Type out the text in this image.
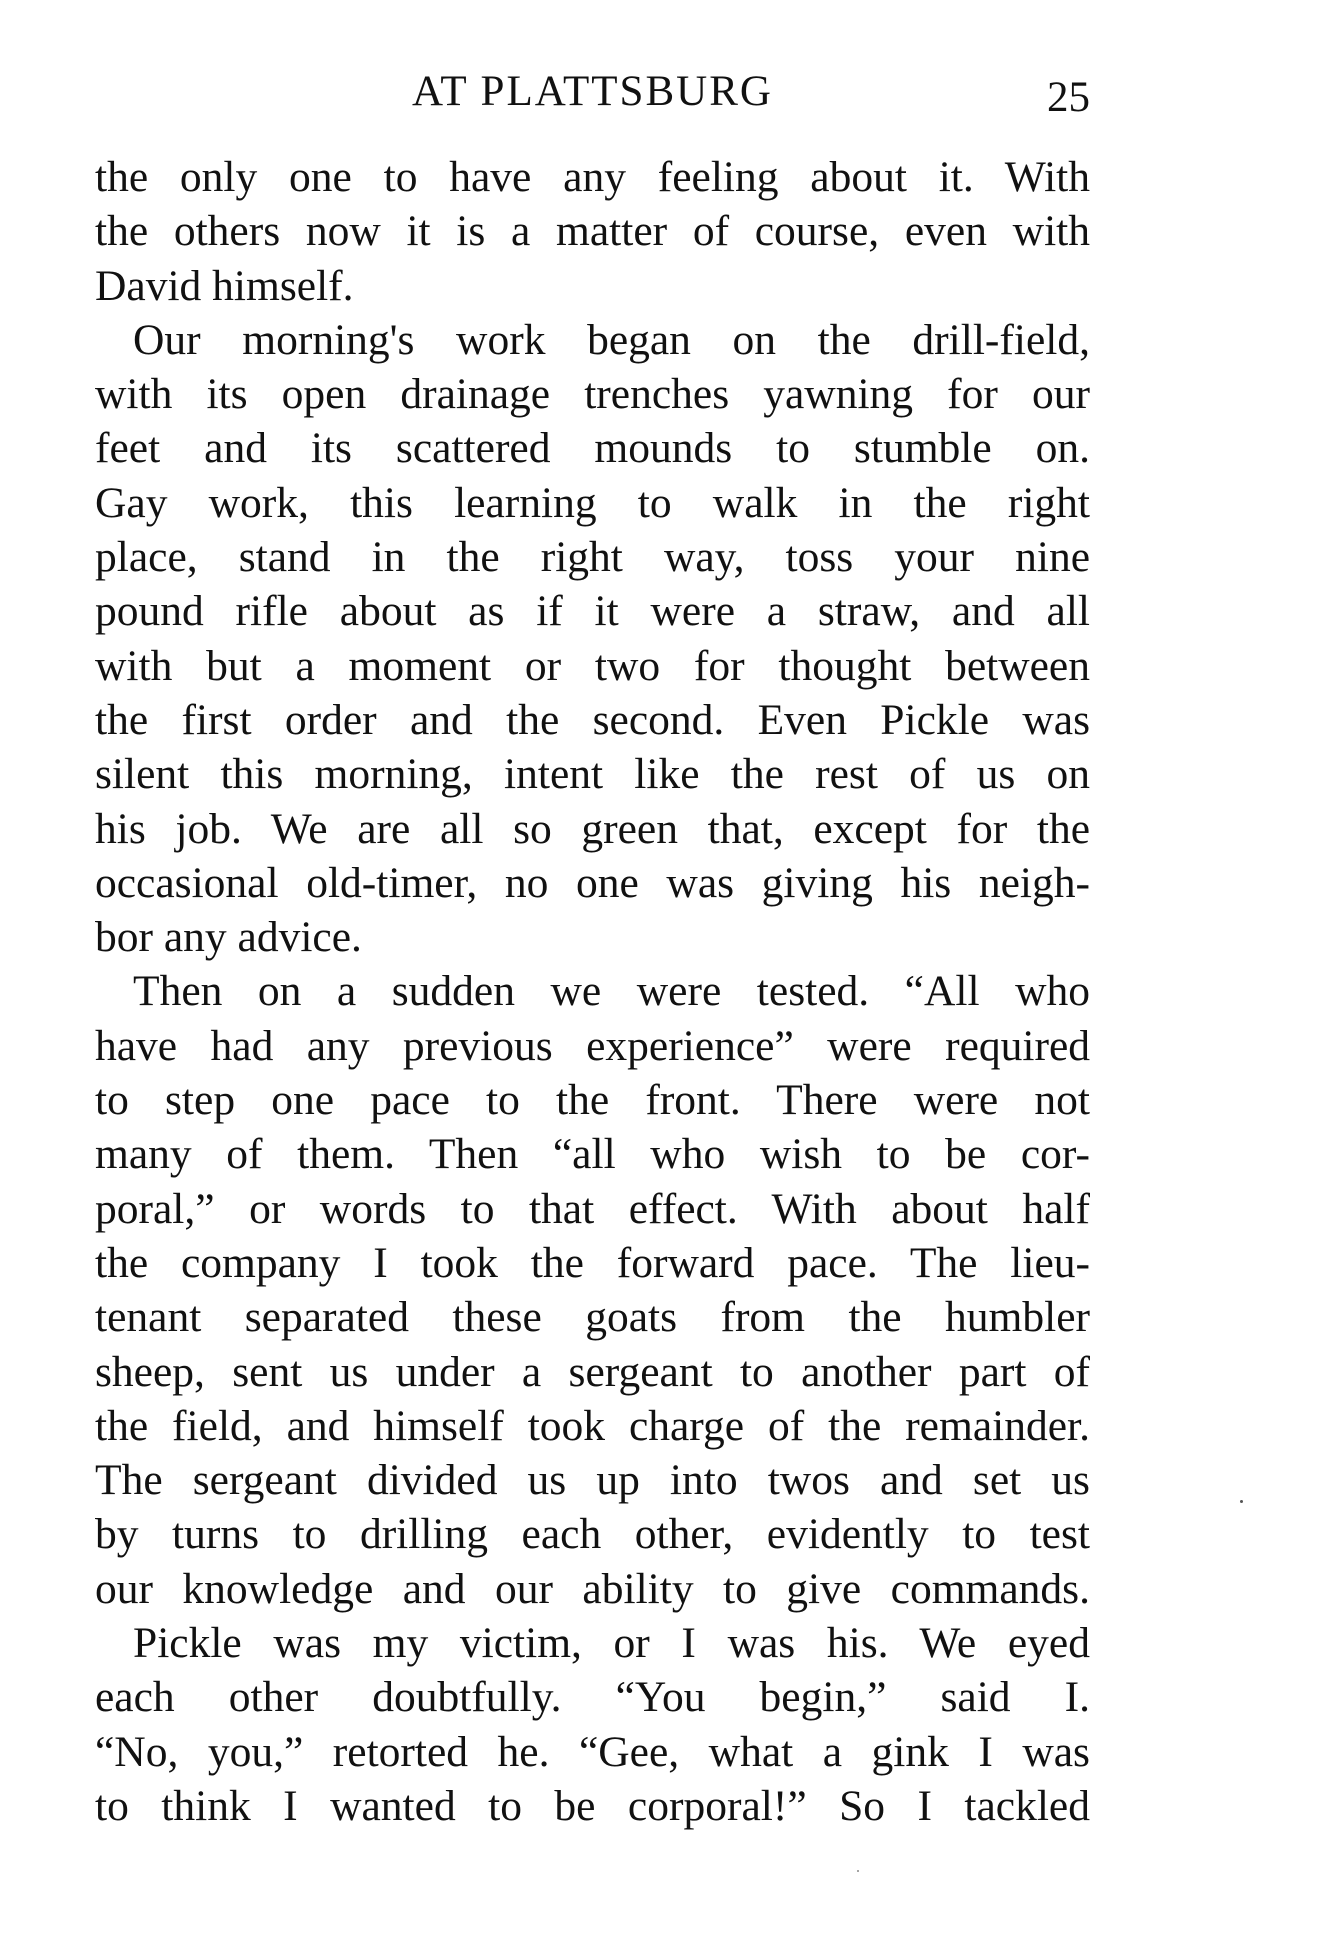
AT PLATTSBURG	25
the only one to have any feeling about it. With
the others now it is a matter of course, even with
David himself.
Our morning's work began on the drill-field,
with its open drainage trenches yawning for our
feet and its scattered mounds to stumble on.
Gay work, this learning to walk in the right
place, stand in the right way, toss your nine
pound rifle about as if it were a straw, and all
with but a moment or two for thought between
the first order and the second. Even Pickle was
silent this morning, intent like the rest of us on
his job. We are all so green that, except for the
occasional old-timer, no one was giving his neigh-
bor any advice.
Then on a sudden we were tested. “All who
have had any previous experience” were required
to step one pace to the front. There were not
many of them. Then “all who wish to be cor-
poral,” or words to that effect. With about half
the company I took the forward pace. The lieu-
tenant separated these goats from the humbler
sheep, sent us under a sergeant to another part of
the field, and himself took charge of the remainder.
The sergeant divided us up into twos and set us
by turns to drilling each other, evidently to test
our knowledge and our ability to give commands.
Pickle was my victim, or I was his. We eyed
each other doubtfully. “You begin,” said I.
“No, you,” retorted he. “Gee, what a gink I was
to think I wanted to be corporal!” So I tackled
